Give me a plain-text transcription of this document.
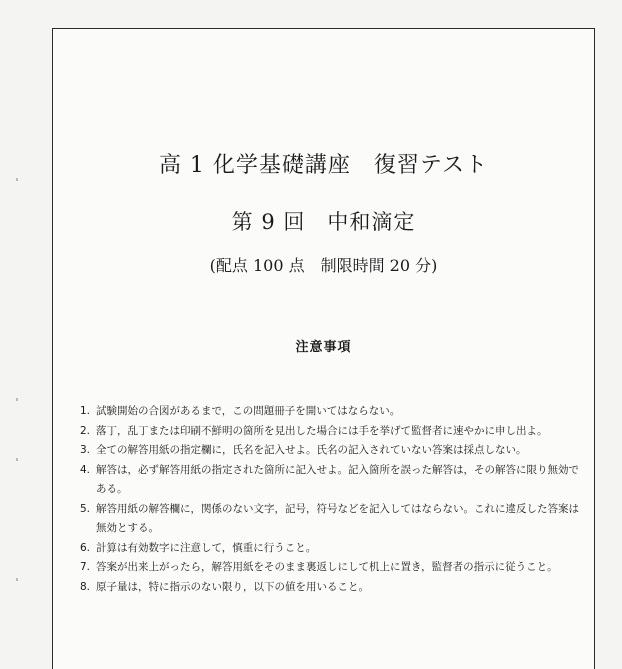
高 1 化学基礎講座　復習テスト
第 9 回　中和滴定
(配点 100 点　制限時間 20 分)
注意事項
1. 試験開始の合図があるまで，この問題冊子を開いてはならない。
2. 落丁，乱丁または印刷不鮮明の箇所を見出した場合には手を挙げて監督者に速やかに申し出よ。
3. 全ての解答用紙の指定欄に，氏名を記入せよ。氏名の記入されていない答案は採点しない。
4. 解答は，必ず解答用紙の指定された箇所に記入せよ。記入箇所を誤った解答は，その解答に限り無効である。
5. 解答用紙の解答欄に，関係のない文字，記号，符号などを記入してはならない。これに違反した答案は無効とする。
6. 計算は有効数字に注意して，慎重に行うこと。
7. 答案が出来上がったら，解答用紙をそのまま裏返しにして机上に置き，監督者の指示に従うこと。
8. 原子量は，特に指示のない限り，以下の値を用いること。
